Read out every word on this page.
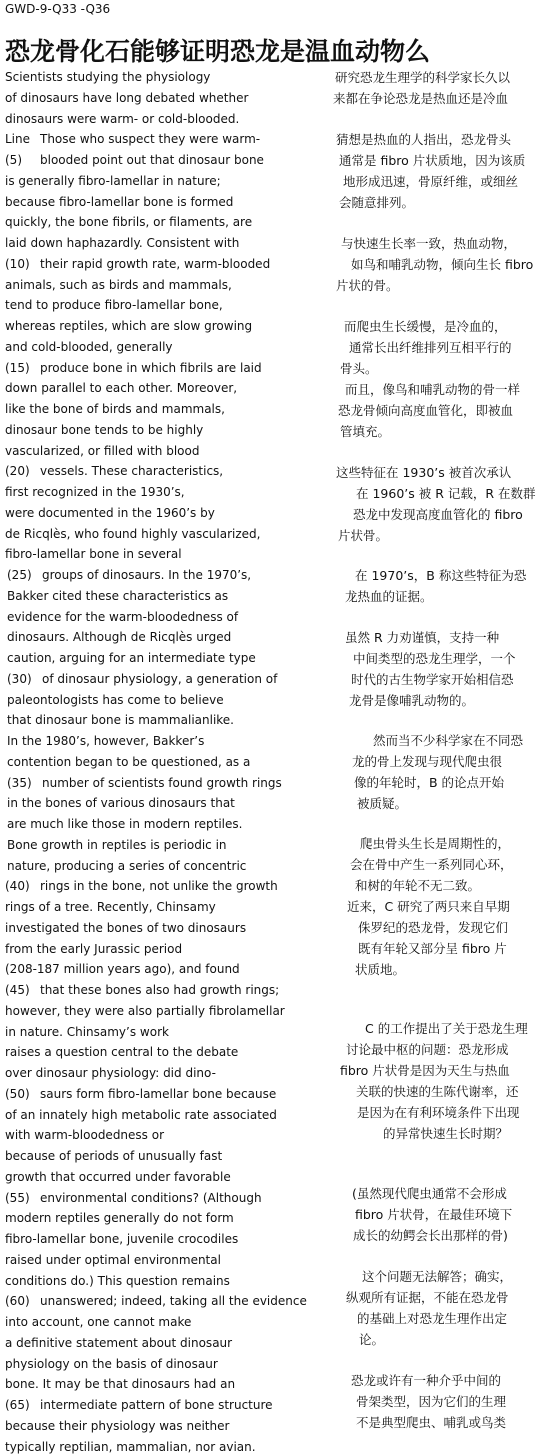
GWD-9-Q33 -Q36
恐龙骨化石能够证明恐龙是温血动物么
Scientists studying the physiology
of dinosaurs have long debated whether
dinosaurs were warm- or cold-blooded.
Line Those who suspect they were warm-
(5) blooded point out that dinosaur bone
is generally fibro-lamellar in nature;
because fibro-lamellar bone is formed
quickly, the bone fibrils, or filaments, are
laid down haphazardly. Consistent with
(10) their rapid growth rate, warm-blooded
animals, such as birds and mammals,
tend to produce fibro-lamellar bone,
whereas reptiles, which are slow growing
and cold-blooded, generally
(15) produce bone in which fibrils are laid
down parallel to each other. Moreover,
like the bone of birds and mammals,
dinosaur bone tends to be highly
vascularized, or filled with blood
(20) vessels. These characteristics,
first recognized in the 1930’s,
were documented in the 1960’s by
de Ricqlès, who found highly vascularized,
fibro-lamellar bone in several
(25) groups of dinosaurs. In the 1970’s,
Bakker cited these characteristics as
evidence for the warm-bloodedness of
dinosaurs. Although de Ricqlès urged
caution, arguing for an intermediate type
(30) of dinosaur physiology, a generation of
paleontologists has come to believe
that dinosaur bone is mammalianlike.
In the 1980’s, however, Bakker’s
contention began to be questioned, as a
(35) number of scientists found growth rings
in the bones of various dinosaurs that
are much like those in modern reptiles.
Bone growth in reptiles is periodic in
nature, producing a series of concentric
(40) rings in the bone, not unlike the growth
rings of a tree. Recently, Chinsamy
investigated the bones of two dinosaurs
from the early Jurassic period
(208-187 million years ago), and found
(45) that these bones also had growth rings;
however, they were also partially fibrolamellar
in nature. Chinsamy’s work
raises a question central to the debate
over dinosaur physiology: did dino-
(50) saurs form fibro-lamellar bone because
of an innately high metabolic rate associated
with warm-bloodedness or
because of periods of unusually fast
growth that occurred under favorable
(55) environmental conditions? (Although
modern reptiles generally do not form
fibro-lamellar bone, juvenile crocodiles
raised under optimal environmental
conditions do.) This question remains
(60) unanswered; indeed, taking all the evidence
into account, one cannot make
a definitive statement about dinosaur
physiology on the basis of dinosaur
bone. It may be that dinosaurs had an
(65) intermediate pattern of bone structure
because their physiology was neither
typically reptilian, mammalian, nor avian.
研究恐龙生理学的科学家长久以
来都在争论恐龙是热血还是冷血
猜想是热血的人指出，恐龙骨头
通常是 fibro 片状质地，因为该质
地形成迅速，骨原纤维，或细丝
会随意排列。
与快速生长率一致，热血动物，
如鸟和哺乳动物，倾向生长 fibro
片状的骨。
而爬虫生长缓慢，是冷血的，
通常长出纤维排列互相平行的
骨头。
而且，像鸟和哺乳动物的骨一样
恐龙骨倾向高度血管化，即被血
管填充。
这些特征在 1930’s 被首次承认
在 1960’s 被 R 记载，R 在数群
恐龙中发现高度血管化的 fibro
片状骨。
在 1970’s，B 称这些特征为恐
龙热血的证据。
虽然 R 力劝谨慎，支持一种
中间类型的恐龙生理学，一个
时代的古生物学家开始相信恐
龙骨是像哺乳动物的。
然而当不少科学家在不同恐
龙的骨上发现与现代爬虫很
像的年轮时，B 的论点开始
被质疑。
爬虫骨头生长是周期性的，
会在骨中产生一系列同心环，
和树的年轮不无二致。
近来，C 研究了两只来自早期
侏罗纪的恐龙骨，发现它们
既有年轮又部分呈 fibro 片
状质地。
C 的工作提出了关于恐龙生理
讨论最中枢的问题：恐龙形成
fibro 片状骨是因为天生与热血
关联的快速的生陈代谢率，还
是因为在有利环境条件下出现
的异常快速生长时期？
(虽然现代爬虫通常不会形成
fibro 片状骨，在最佳环境下
成长的幼鳄会长出那样的骨)
这个问题无法解答；确实，
纵观所有证据，不能在恐龙骨
的基础上对恐龙生理作出定
论。
恐龙或许有一种介乎中间的
骨架类型，因为它们的生理
不是典型爬虫、哺乳或鸟类
